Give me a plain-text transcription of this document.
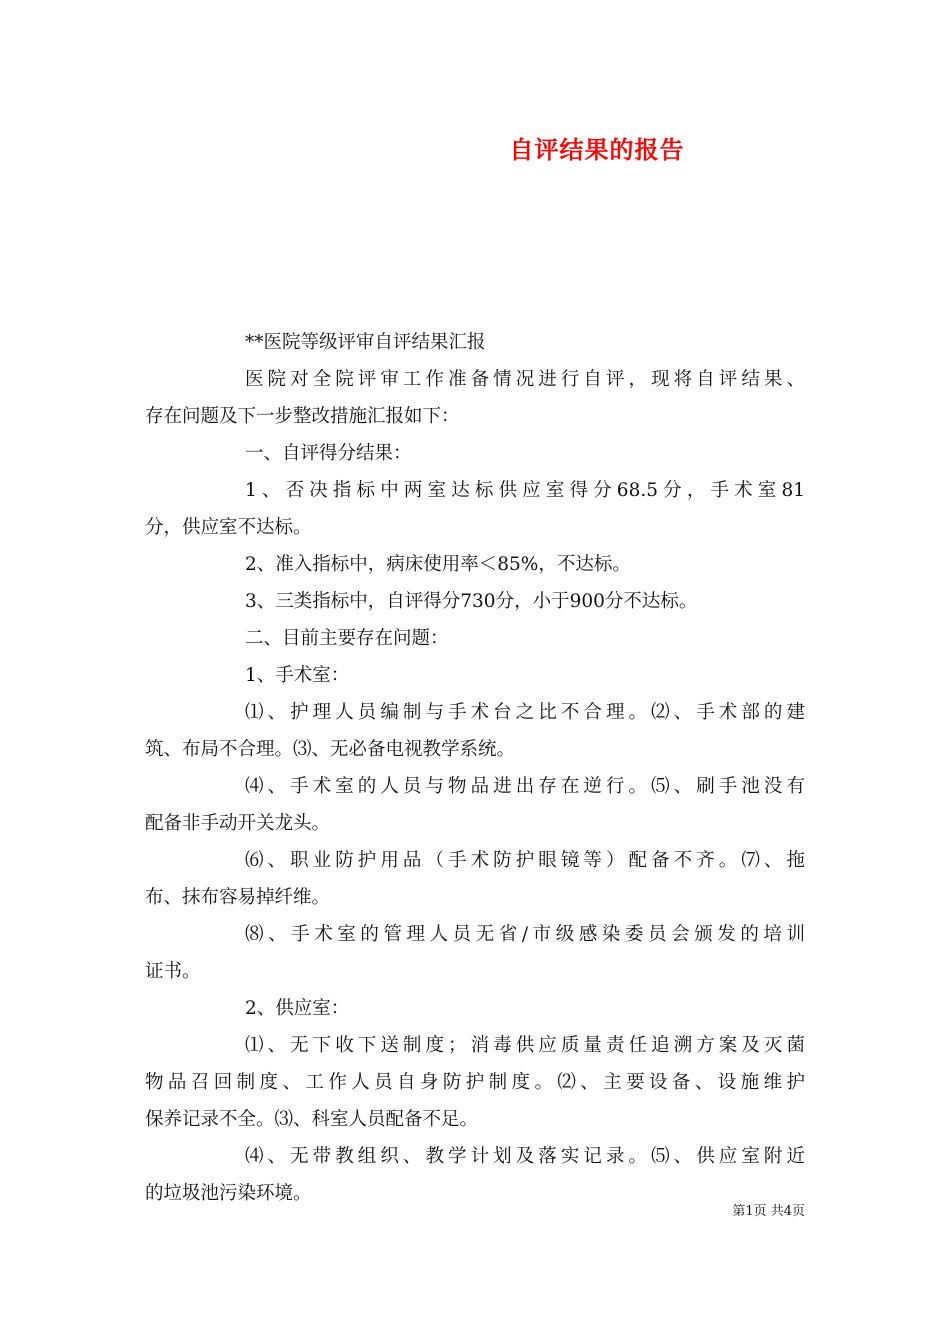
自评结果的报告
**医院等级评审自评结果汇报
医院对全院评审工作准备情况进行自评，现将自评结果、
存在问题及下一步整改措施汇报如下：
一、自评得分结果：
1、否决指标中两室达标供应室得分68.5分，手术室81
分，供应室不达标。
2、准入指标中，病床使用率＜85%，不达标。
3、三类指标中，自评得分730分，小于900分不达标。
二、目前主要存在问题：
1、手术室：
⑴、护理人员编制与手术台之比不合理。⑵、手术部的建
筑、布局不合理。⑶、无必备电视教学系统。
⑷、手术室的人员与物品进出存在逆行。⑸、刷手池没有
配备非手动开关龙头。
⑹、职业防护用品（手术防护眼镜等）配备不齐。⑺、拖
布、抹布容易掉纤维。
⑻、手术室的管理人员无省/市级感染委员会颁发的培训
证书。
2、供应室：
⑴、无下收下送制度；消毒供应质量责任追溯方案及灭菌
物品召回制度、工作人员自身防护制度。⑵、主要设备、设施维护
保养记录不全。⑶、科室人员配备不足。
⑷、无带教组织、教学计划及落实记录。⑸、供应室附近
的垃圾池污染环境。
第1页 共4页
